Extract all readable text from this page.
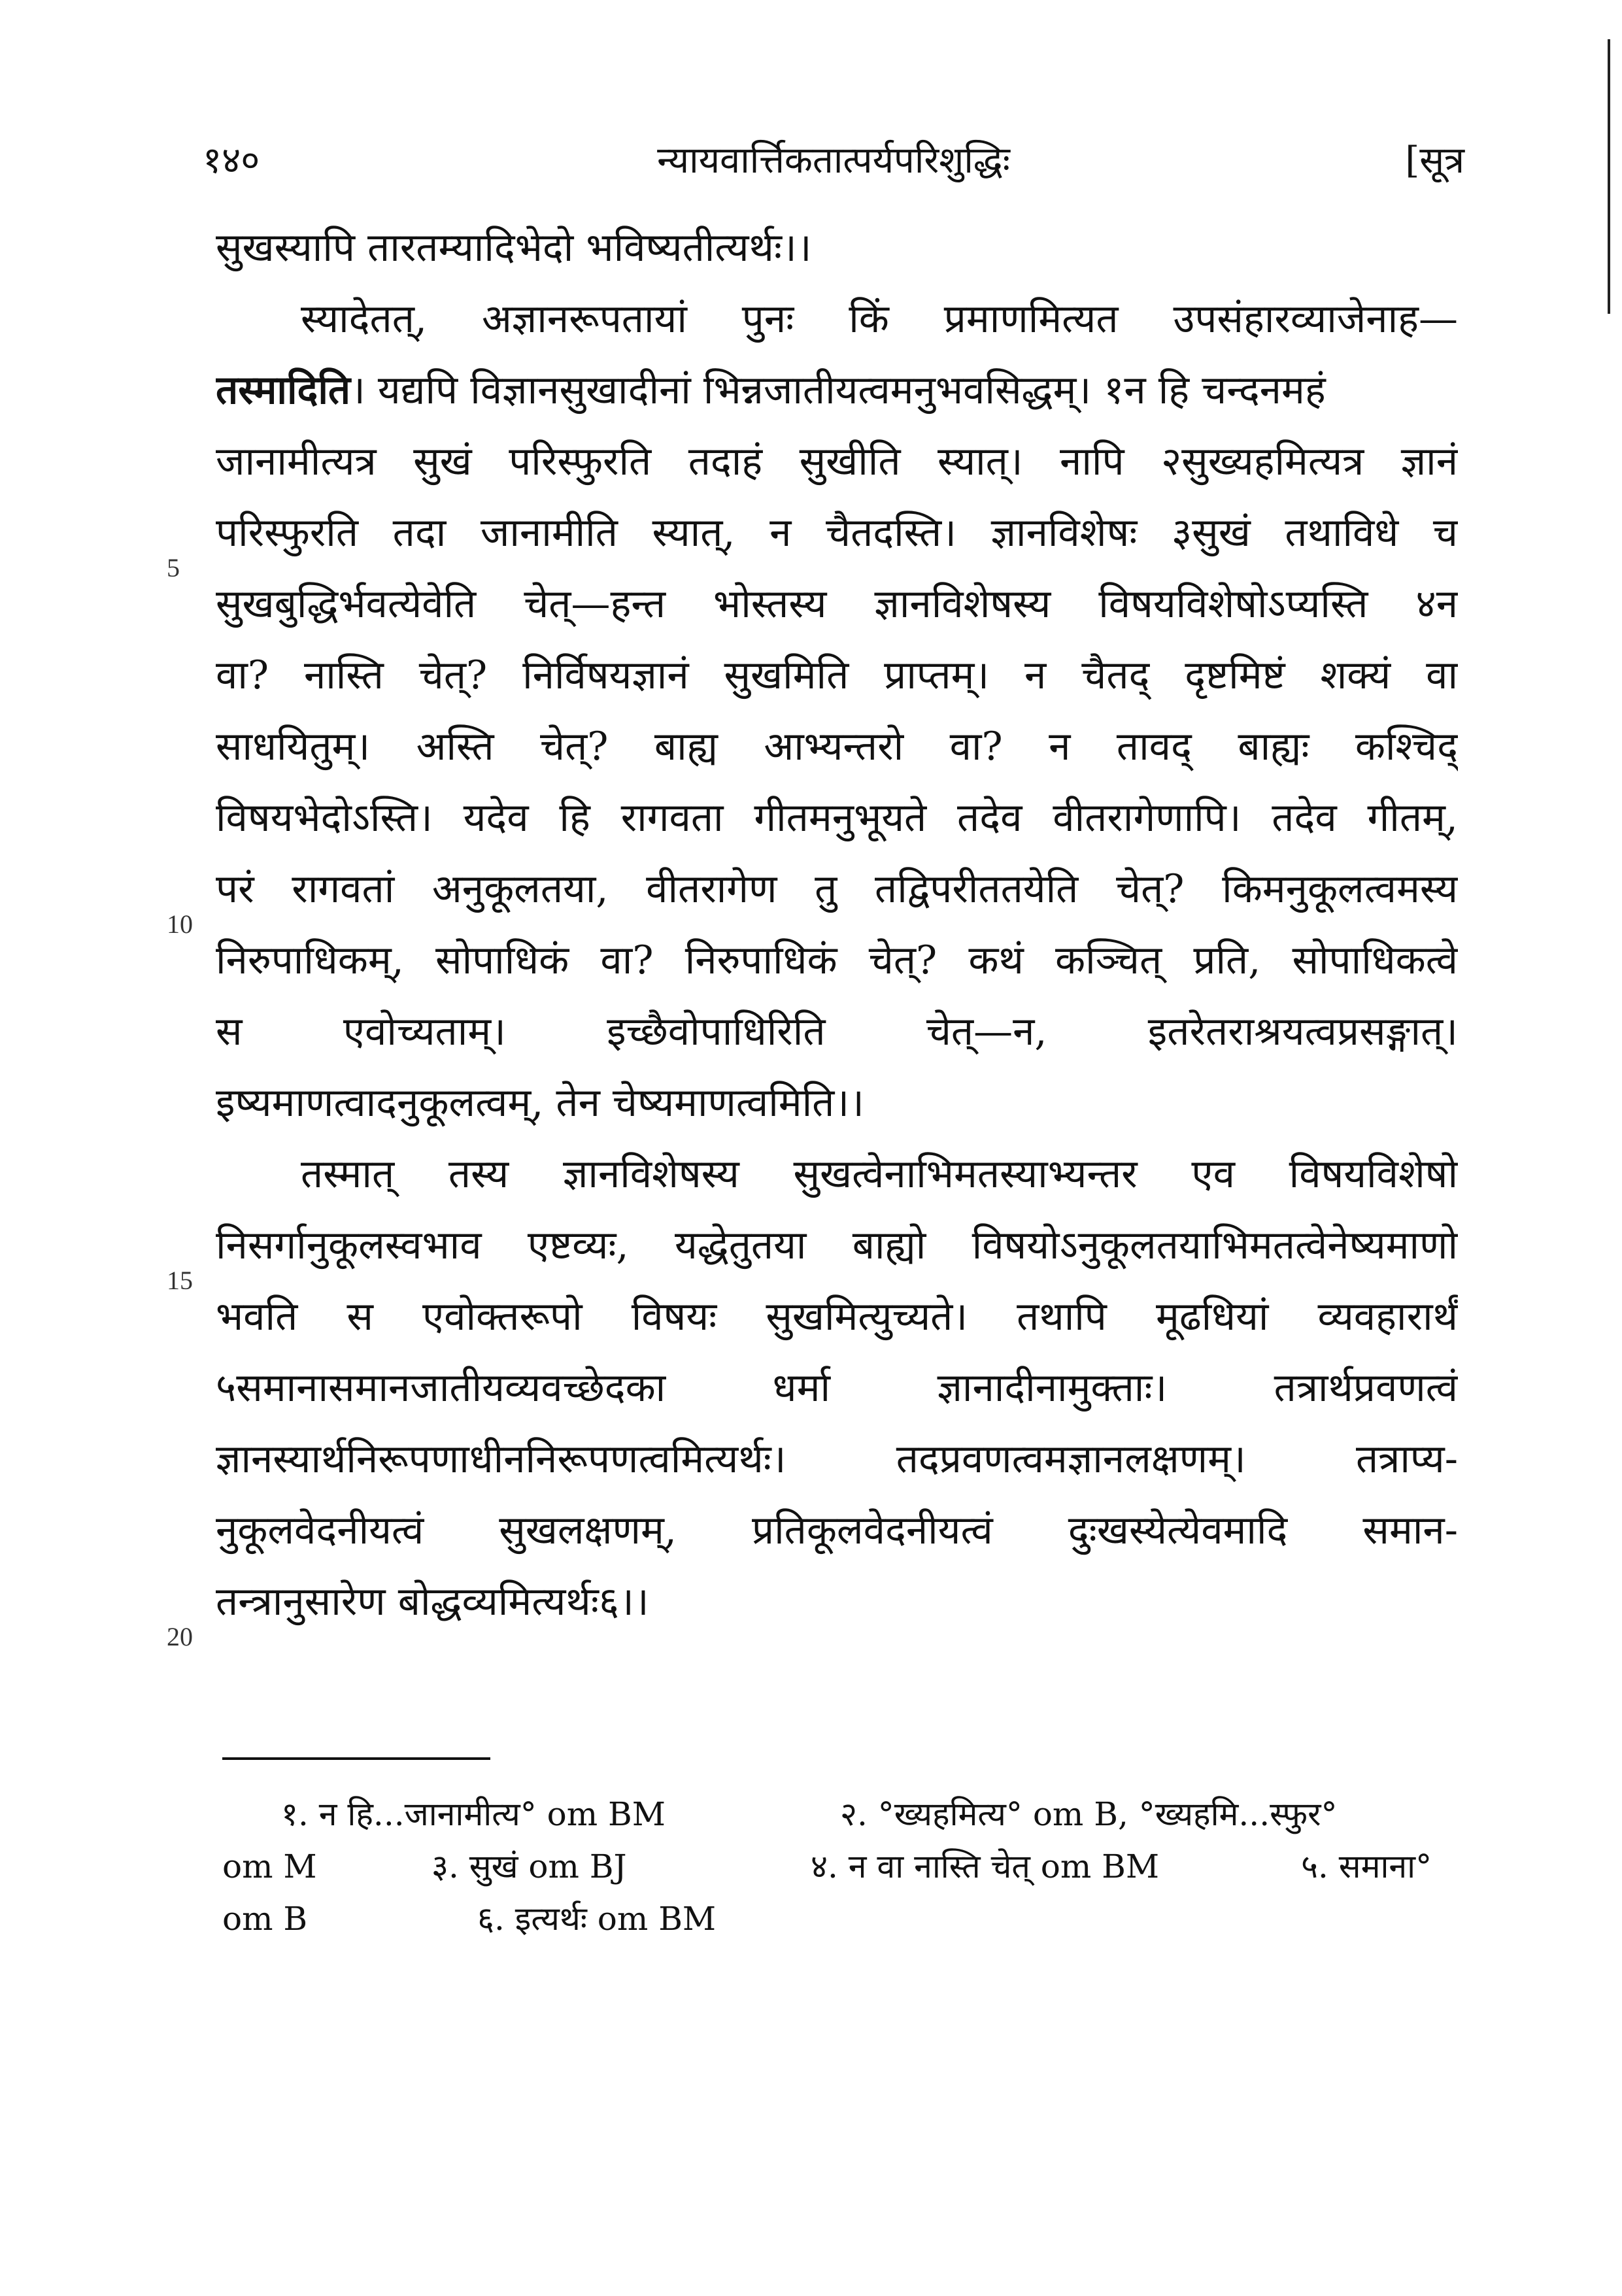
१४०	न्यायवार्त्तिकतात्पर्यपरिशुद्धिः	[सूत्र
5
10
15
20
सुखस्यापि तारतम्यादिभेदो भविष्यतीत्यर्थः।।
स्यादेतत्, अज्ञानरूपतायां पुनः किं प्रमाणमित्यत उपसंहारव्याजेनाह—
तस्मादिति। यद्यपि विज्ञानसुखादीनां भिन्नजातीयत्वमनुभवसिद्धम्। १न हि चन्दनमहं
जानामीत्यत्र सुखं परिस्फुरति तदाहं सुखीति स्यात्। नापि २सुख्यहमित्यत्र ज्ञानं
परिस्फुरति तदा जानामीति स्यात्, न चैतदस्ति। ज्ञानविशेषः ३सुखं तथाविधे च
सुखबुद्धिर्भवत्येवेति चेत्—हन्त भोस्तस्य ज्ञानविशेषस्य विषयविशेषोऽप्यस्ति ४न
वा? नास्ति चेत्? निर्विषयज्ञानं सुखमिति प्राप्तम्। न चैतद् दृष्टमिष्टं शक्यं वा
साधयितुम्। अस्ति चेत्? बाह्य आभ्यन्तरो वा? न तावद् बाह्यः कश्चिद्
विषयभेदोऽस्ति। यदेव हि रागवता गीतमनुभूयते तदेव वीतरागेणापि। तदेव गीतम्,
परं रागवतां अनुकूलतया, वीतरागेण तु तद्विपरीततयेति चेत्? किमनुकूलत्वमस्य
निरुपाधिकम्, सोपाधिकं वा? निरुपाधिकं चेत्? कथं कञ्चित् प्रति, सोपाधिकत्वे
स एवोच्यताम्। इच्छैवोपाधिरिति चेत्—न, इतरेतराश्रयत्वप्रसङ्गात्।
इष्यमाणत्वादनुकूलत्वम्, तेन चेष्यमाणत्वमिति।।
तस्मात् तस्य ज्ञानविशेषस्य सुखत्वेनाभिमतस्याभ्यन्तर एव विषयविशेषो
निसर्गानुकूलस्वभाव एष्टव्यः, यद्धेतुतया बाह्यो विषयोऽनुकूलतयाभिमतत्वेनेष्यमाणो
भवति स एवोक्तरूपो विषयः सुखमित्युच्यते। तथापि मूढधियां व्यवहारार्थं
५समानासमानजातीयव्यवच्छेदका धर्मा ज्ञानादीनामुक्ताः। तत्रार्थप्रवणत्वं
ज्ञानस्यार्थनिरूपणाधीननिरूपणत्वमित्यर्थः। तदप्रवणत्वमज्ञानलक्षणम्। तत्राप्य-
नुकूलवेदनीयत्वं सुखलक्षणम्, प्रतिकूलवेदनीयत्वं दुःखस्येत्येवमादि समान-
तन्त्रानुसारेण बोद्धव्यमित्यर्थः६।।
१. न हि...जानामीत्य° om BM	२. °ख्यहमित्य° om B, °ख्यहमि...स्फुर°
om M	३. सुखं om BJ	४. न वा नास्ति चेत् om BM	५. समाना°
om B	६. इत्यर्थः om BM
